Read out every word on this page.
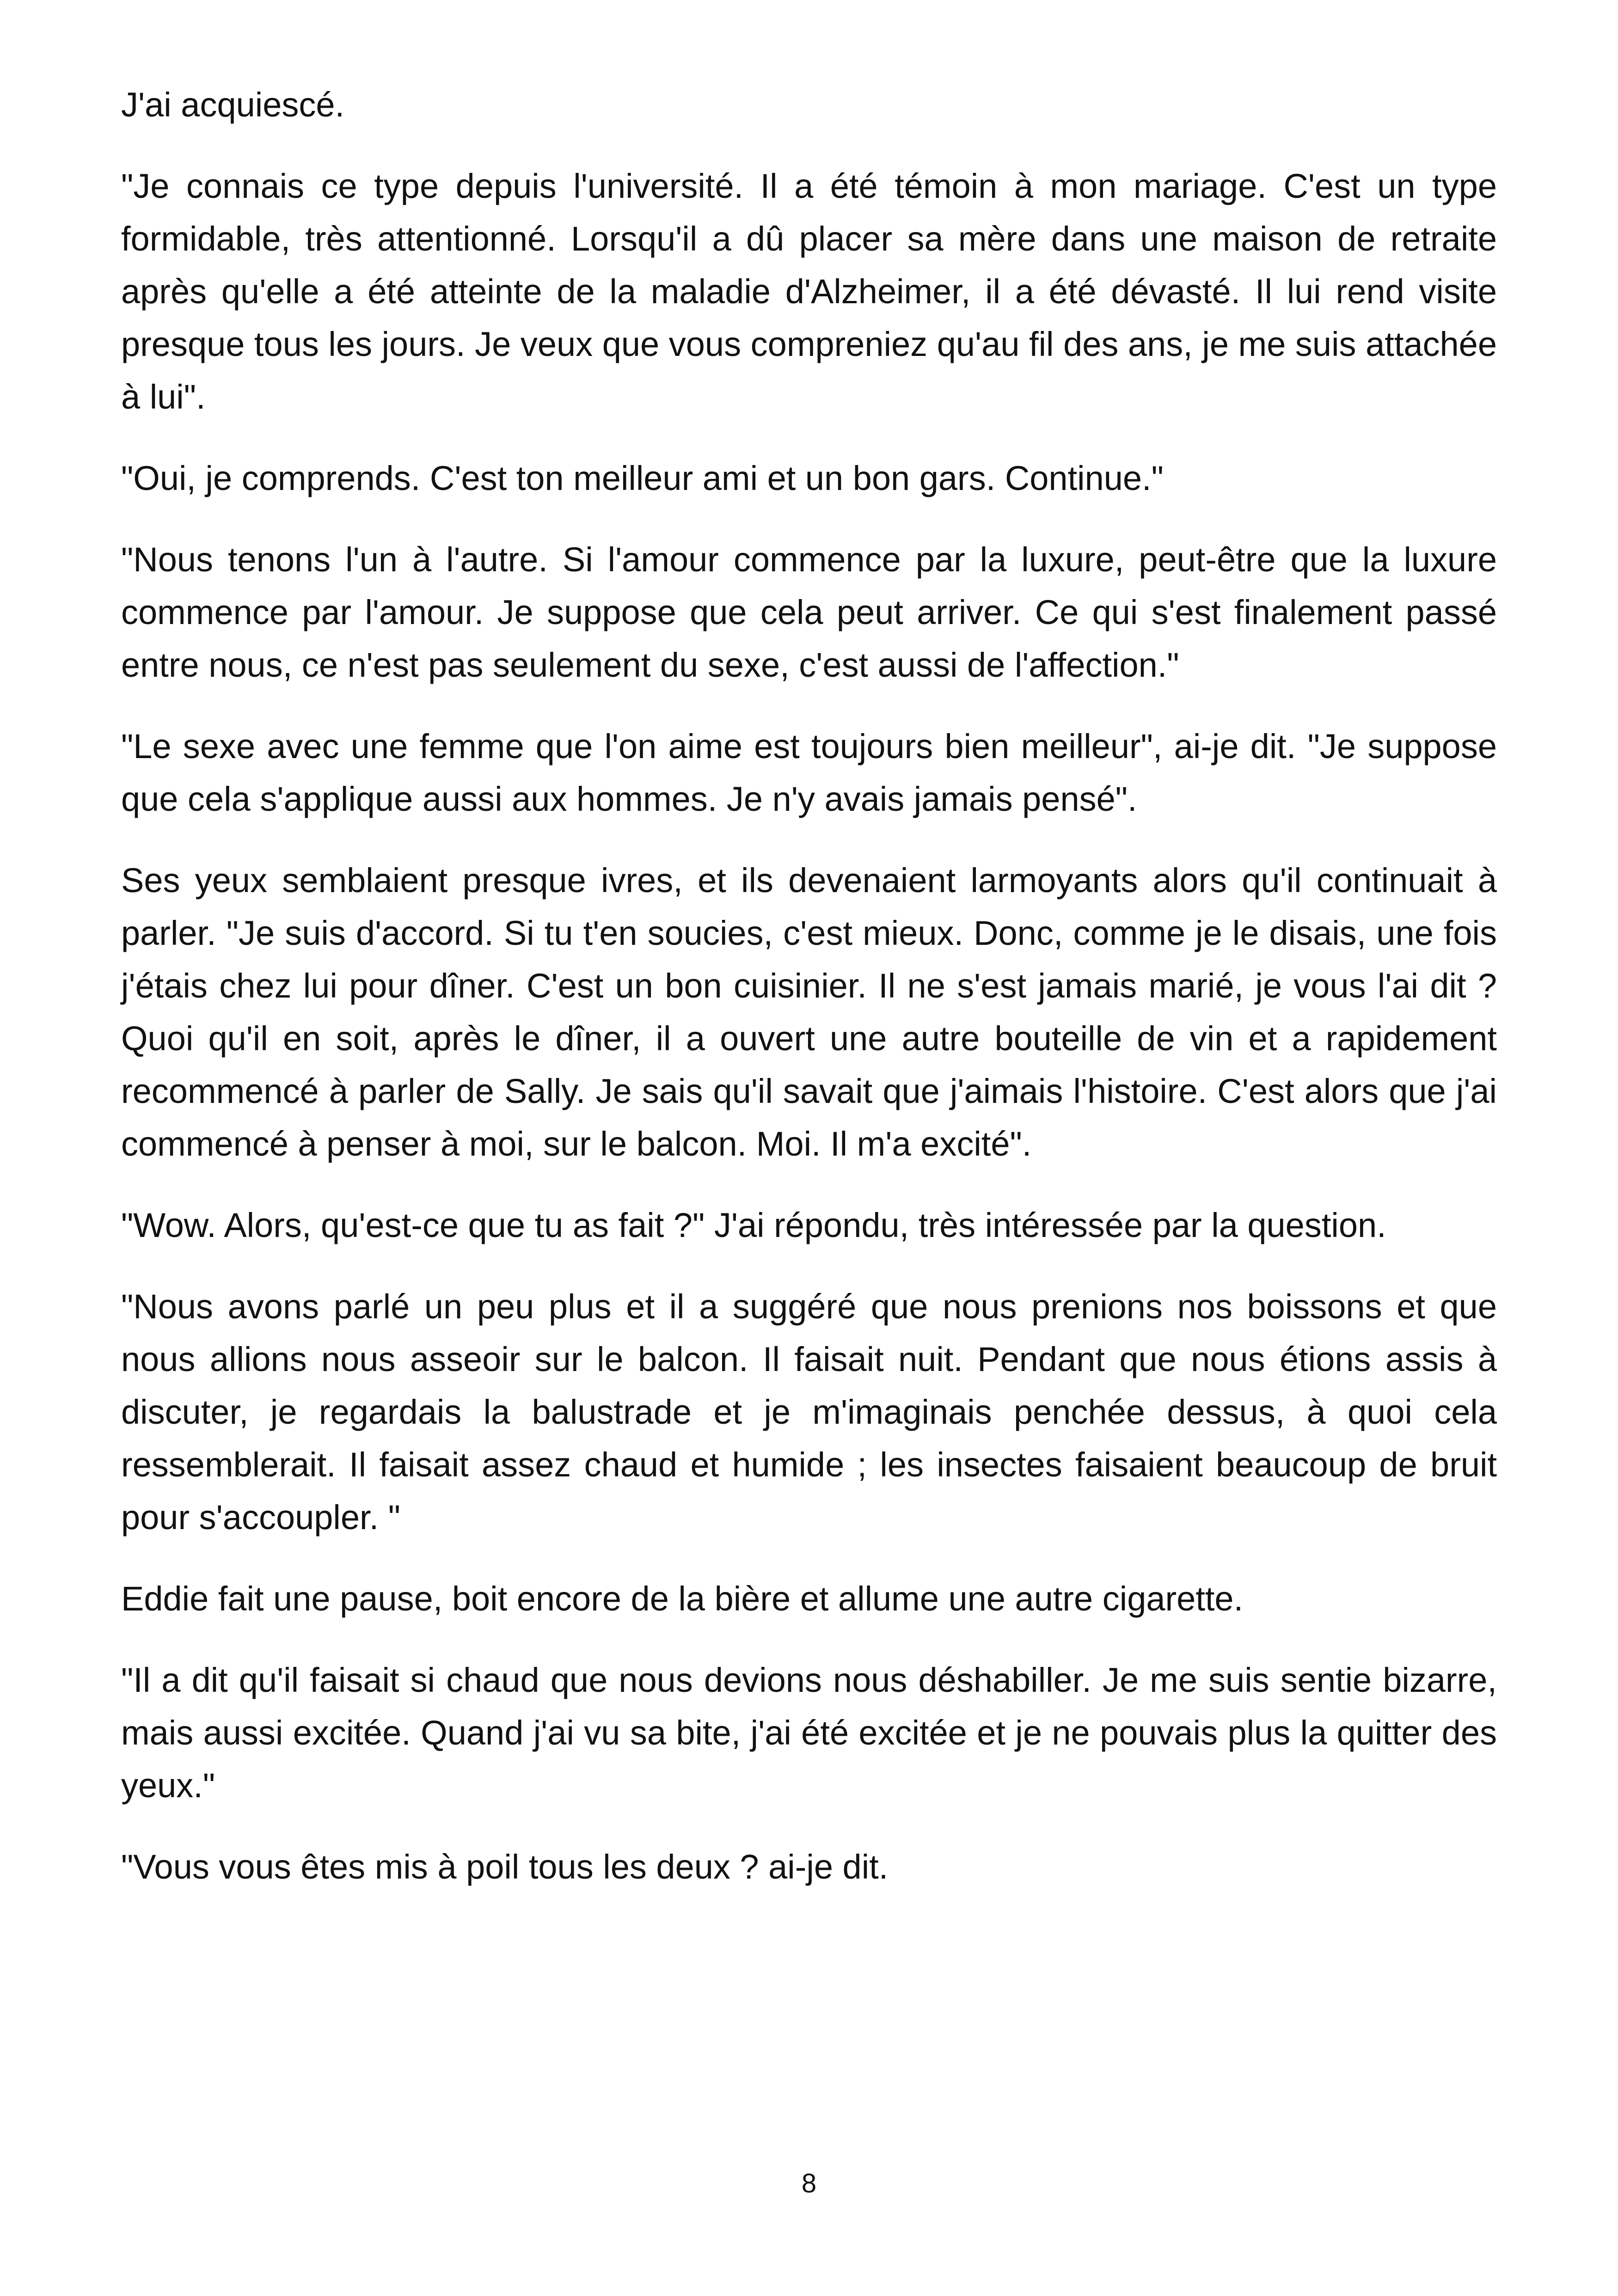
J'ai acquiescé.

"Je connais ce type depuis l'université. Il a été témoin à mon mariage. C'est un type formidable, très attentionné. Lorsqu'il a dû placer sa mère dans une maison de retraite après qu'elle a été atteinte de la maladie d'Alzheimer, il a été dévasté. Il lui rend visite presque tous les jours. Je veux que vous compreniez qu'au fil des ans, je me suis attachée à lui".

"Oui, je comprends. C'est ton meilleur ami et un bon gars. Continue."

"Nous tenons l'un à l'autre. Si l'amour commence par la luxure, peut-être que la luxure commence par l'amour. Je suppose que cela peut arriver. Ce qui s'est finalement passé entre nous, ce n'est pas seulement du sexe, c'est aussi de l'affection."

"Le sexe avec une femme que l'on aime est toujours bien meilleur", ai-je dit. "Je suppose que cela s'applique aussi aux hommes. Je n'y avais jamais pensé".

Ses yeux semblaient presque ivres, et ils devenaient larmoyants alors qu'il continuait à parler. "Je suis d'accord. Si tu t'en soucies, c'est mieux. Donc, comme je le disais, une fois j'étais chez lui pour dîner. C'est un bon cuisinier. Il ne s'est jamais marié, je vous l'ai dit ? Quoi qu'il en soit, après le dîner, il a ouvert une autre bouteille de vin et a rapidement recommencé à parler de Sally. Je sais qu'il savait que j'aimais l'histoire. C'est alors que j'ai commencé à penser à moi, sur le balcon. Moi. Il m'a excité".

"Wow. Alors, qu'est-ce que tu as fait ?" J'ai répondu, très intéressée par la question.

"Nous avons parlé un peu plus et il a suggéré que nous prenions nos boissons et que nous allions nous asseoir sur le balcon. Il faisait nuit. Pendant que nous étions assis à discuter, je regardais la balustrade et je m'imaginais penchée dessus, à quoi cela ressemblerait. Il faisait assez chaud et humide ; les insectes faisaient beaucoup de bruit pour s'accoupler. "

Eddie fait une pause, boit encore de la bière et allume une autre cigarette.

"Il a dit qu'il faisait si chaud que nous devions nous déshabiller. Je me suis sentie bizarre, mais aussi excitée. Quand j'ai vu sa bite, j'ai été excitée et je ne pouvais plus la quitter des yeux."

"Vous vous êtes mis à poil tous les deux ? ai-je dit.

8
